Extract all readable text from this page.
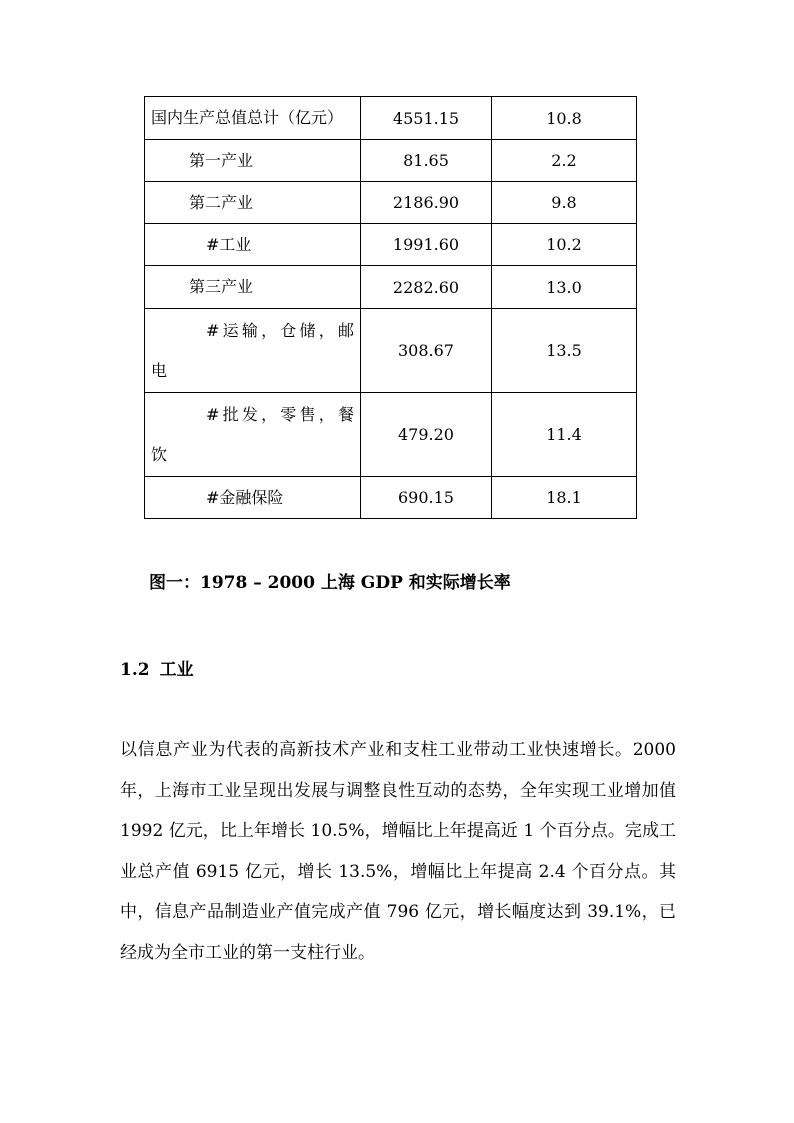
国内生产总值总计（亿元）	4551.15	10.8

第一产业	81.65	2.2

第二产业	2186.90	9.8

#工业	1991.60	10.2

第三产业	2282.60	13.0

#运输，仓储，邮
电	308.67	13.5

#批发，零售，餐
饮	479.20	11.4

#金融保险	690.15	18.1
图一：1978 – 2000 上海 GDP 和实际增长率
1.2 工业

以信息产业为代表的高新技术产业和支柱工业带动工业快速增长。2000 年，上海市工业呈现出发展与调整良性互动的态势，全年实现工业增加值 1992 亿元，比上年增长 10.5%，增幅比上年提高近 1 个百分点。完成工业总产值 6915 亿元，增长 13.5%，增幅比上年提高 2.4 个百分点。其中，信息产品制造业产值完成产值 796 亿元，增长幅度达到 39.1%，已经成为全市工业的第一支柱行业。
